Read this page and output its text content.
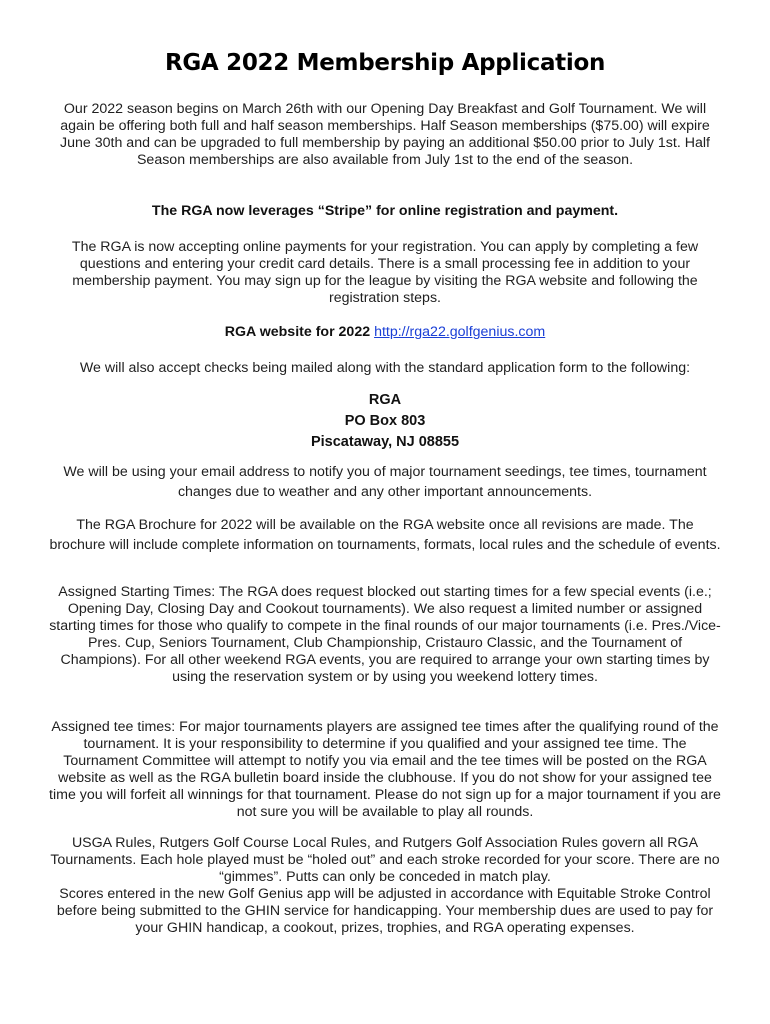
RGA 2022 Membership Application
Our 2022 season begins on March 26th with our Opening Day Breakfast and Golf Tournament. We will again be offering both full and half season memberships. Half Season memberships ($75.00) will expire June 30th and can be upgraded to full membership by paying an additional $50.00 prior to July 1st. Half Season memberships are also available from July 1st to the end of the season.
The RGA now leverages “Stripe” for online registration and payment.
The RGA is now accepting online payments for your registration. You can apply by completing a few questions and entering your credit card details. There is a small processing fee in addition to your membership payment. You may sign up for the league by visiting the RGA website and following the registration steps.
RGA website for 2022 http://rga22.golfgenius.com
We will also accept checks being mailed along with the standard application form to the following:
RGA
PO Box 803
Piscataway, NJ 08855
We will be using your email address to notify you of major tournament seedings, tee times, tournament changes due to weather and any other important announcements.
The RGA Brochure for 2022 will be available on the RGA website once all revisions are made. The brochure will include complete information on tournaments, formats, local rules and the schedule of events.
Assigned Starting Times: The RGA does request blocked out starting times for a few special events (i.e.; Opening Day, Closing Day and Cookout tournaments). We also request a limited number or assigned starting times for those who qualify to compete in the final rounds of our major tournaments (i.e. Pres./Vice-Pres. Cup, Seniors Tournament, Club Championship, Cristauro Classic, and the Tournament of Champions). For all other weekend RGA events, you are required to arrange your own starting times by using the reservation system or by using you weekend lottery times.
Assigned tee times: For major tournaments players are assigned tee times after the qualifying round of the tournament. It is your responsibility to determine if you qualified and your assigned tee time. The Tournament Committee will attempt to notify you via email and the tee times will be posted on the RGA website as well as the RGA bulletin board inside the clubhouse. If you do not show for your assigned tee time you will forfeit all winnings for that tournament. Please do not sign up for a major tournament if you are not sure you will be available to play all rounds.
USGA Rules, Rutgers Golf Course Local Rules, and Rutgers Golf Association Rules govern all RGA Tournaments. Each hole played must be “holed out” and each stroke recorded for your score. There are no “gimmes”. Putts can only be conceded in match play.
Scores entered in the new Golf Genius app will be adjusted in accordance with Equitable Stroke Control before being submitted to the GHIN service for handicapping. Your membership dues are used to pay for your GHIN handicap, a cookout, prizes, trophies, and RGA operating expenses.
